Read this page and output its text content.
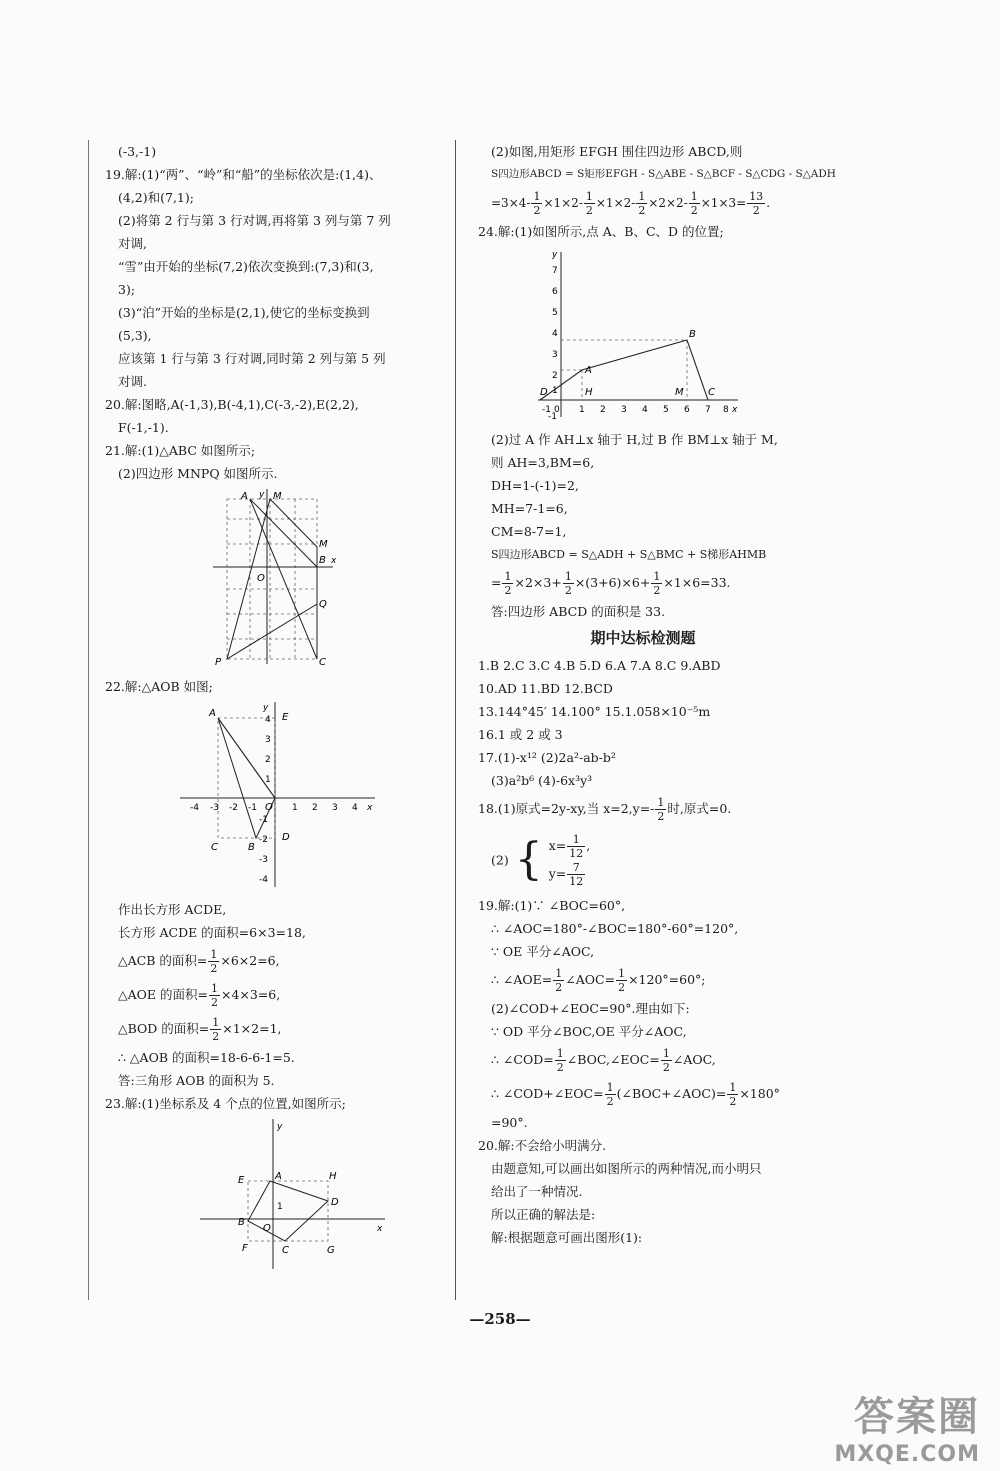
(-3,-1)
19.解:(1)“两”、“岭”和“船”的坐标依次是:(1,4)、
(4,2)和(7,1);
(2)将第 2 行与第 3 行对调,再将第 3 列与第 7 列
对调,
“雪”由开始的坐标(7,2)依次变换到:(7,3)和(3,
3);
(3)“泊”开始的坐标是(2,1),使它的坐标变换到
(5,3),
应该第 1 行与第 3 行对调,同时第 2 列与第 5 列
对调.
20.解:图略,A(-1,3),B(-4,1),C(-3,-2),E(2,2),
F(-1,-1).
21.解:(1)△ABC 如图所示;
(2)四边形 MNPQ 如图所示.
A	M
M
B x
y
O
Q
P	C
22.解:△AOB 如图;
A	E
y
x
O
B
C
D
-4 -3 -2 -1	1 2 3 4
4
3
2
1
-1
-2
-3
-4
作出长方形 ACDE,
长方形 ACDE 的面积=6×3=18,
△ACB 的面积= $\frac{1}{2} \times 6\times 2=6$,
△AOE 的面积= $\frac{1}{2} \times 4\times 3=6$,
△BOD 的面积= $\frac{1}{2} \times 1\times 2=1$,
∴ △AOB 的面积=18-6-6-1=5.
答:三角形 AOB 的面积为 5.
23.解:(1)坐标系及 4 个点的位置,如图所示;
E	A	H
B
D
F	C	G
O
1
x
y
(2)如图,用矩形 EFGH 围住四边形 ABCD,则
S四边形ABCD = S矩形EFGH - S△ABE - S△BCF - S△CDG - S△ADH
$=3\times 4- \frac{1}{2} \times 1\times 2- \frac{1}{2} \times 1\times 2- \frac{1}{2} \times 2\times 2- \frac{1}{2} \times 1\times 3= \frac{13}{2}$ .
24.解:(1)如图所示,点 A、B、C、D 的位置;
A
B
C
D	H	M
x
y
-1
-1 0 1 2 3 4 5 6 7 8
7
6
5
4
3
2
1
(2)过 A 作 AH⊥x 轴于 H,过 B 作 BM⊥x 轴于 M,
则 AH=3,BM=6,
DH=1-(-1)=2,
MH=7-1=6,
CM=8-7=1,
S四边形ABCD = S△ADH + S△BMC + S梯形AHMB
= $\frac{1}{2} \times 2\times 3+ \frac{1}{2} \times(3+6)\times 6+ \frac{1}{2} \times 1\times 6=33$.
答:四边形 ABCD 的面积是 33.
期中达标检测题
1.B 2.C 3.C 4.B 5.D 6.A 7.A 8.C 9.ABD
10.AD 11.BD 12.BCD
13.144°45′ 14.100° 15.1.058×10⁻⁵m
16.1 或 2 或 3
17.(1)-x¹² (2)2a²-ab-b²
(3)a²b⁶ (4)-6x³y³
18.(1)原式=2y-xy,当 $x=2,y=- \frac{1}{2}$ 时,原式=0.
(2) { $x= \frac{1}{12}$ ,
$y= \frac{7}{12}$
19.解:(1)∵ ∠BOC=60°,
∴ ∠AOC=180°-∠BOC=180°-60°=120°,
∵ OE 平分∠AOC,
∴ ∠AOE= $\frac{1}{2}$ ∠AOC= $\frac{1}{2} \times 120^\circ=60^\circ$;
(2)∠COD+∠EOC=90°.理由如下:
∵ OD 平分∠BOC,OE 平分∠AOC,
∴ ∠COD= $\frac{1}{2}$ ∠BOC,∠EOC= $\frac{1}{2}$ ∠AOC,
∴ ∠COD+∠EOC= $\frac{1}{2}$ (∠BOC+∠AOC)= $\frac{1}{2} \times 180^\circ$
=90°.
20.解:不会给小明满分.
由题意知,可以画出如图所示的两种情况,而小明只
给出了一种情况.
所以正确的解法是:
解:根据题意可画出图形(1):
—258—
答案圈
MXQE.COM
